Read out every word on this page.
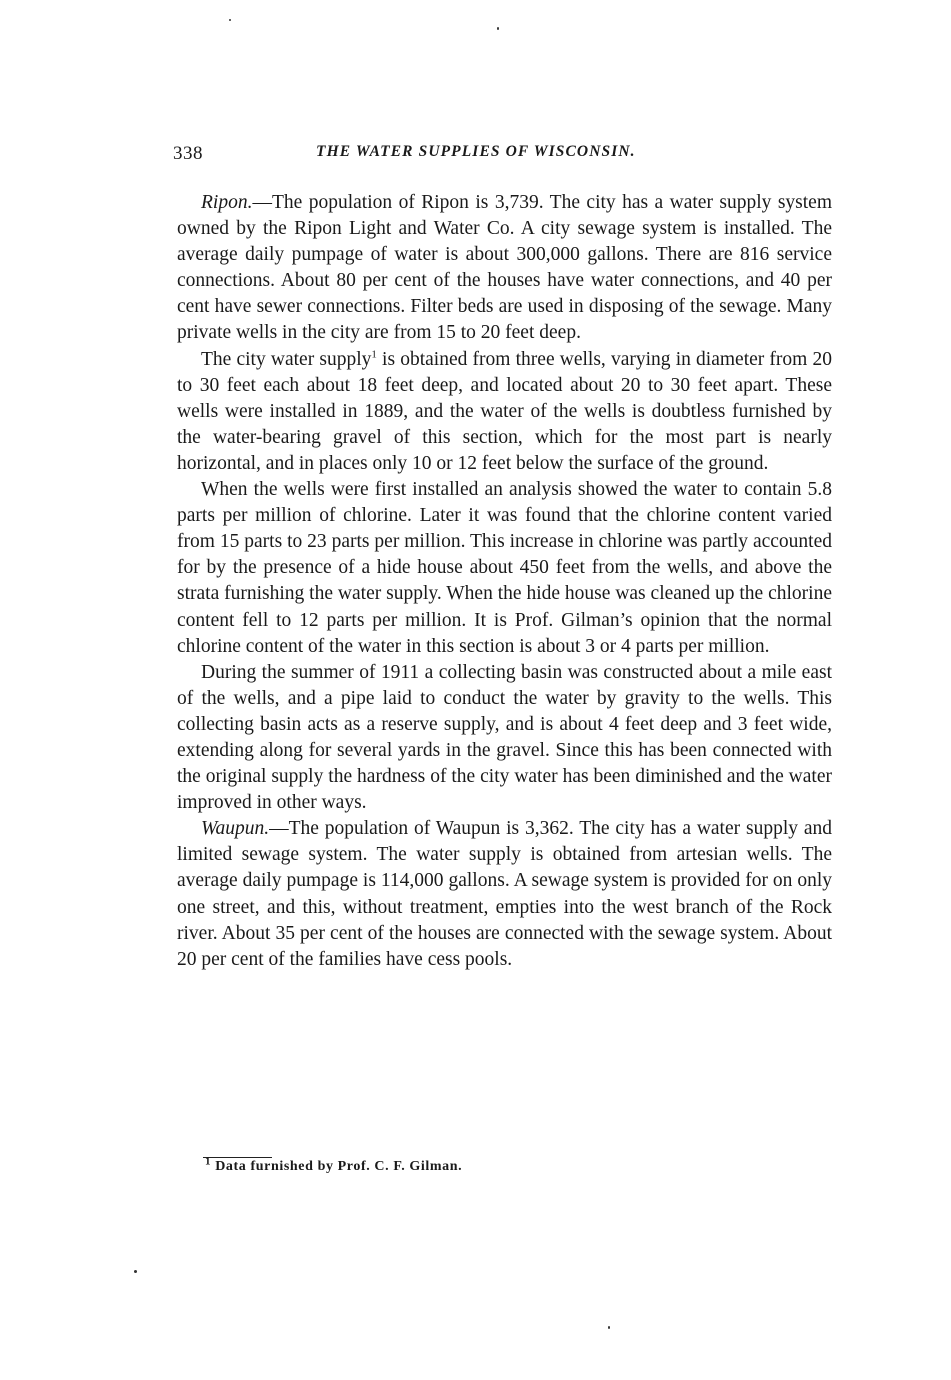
338	THE WATER SUPPLIES OF WISCONSIN.

Ripon.—The population of Ripon is 3,739. The city has a water supply system owned by the Ripon Light and Water Co. A city sewage system is installed. The average daily pumpage of water is about 300,000 gallons. There are 816 service connections. About 80 per cent of the houses have water connections, and 40 per cent have sewer connections. Filter beds are used in disposing of the sewage. Many private wells in the city are from 15 to 20 feet deep.

The city water supply$^1$ is obtained from three wells, varying in diameter from 20 to 30 feet each about 18 feet deep, and located about 20 to 30 feet apart. These wells were installed in 1889, and the water of the wells is doubtless furnished by the water-bearing gravel of this section, which for the most part is nearly horizontal, and in places only 10 or 12 feet below the surface of the ground.

When the wells were first installed an analysis showed the water to contain 5.8 parts per million of chlorine. Later it was found that the chlorine content varied from 15 parts to 23 parts per million. This increase in chlorine was partly accounted for by the presence of a hide house about 450 feet from the wells, and above the strata furnishing the water supply. When the hide house was cleaned up the chlorine content fell to 12 parts per million. It is Prof. Gilman’s opinion that the normal chlorine content of the water in this section is about 3 or 4 parts per million.

During the summer of 1911 a collecting basin was constructed about a mile east of the wells, and a pipe laid to conduct the water by gravity to the wells. This collecting basin acts as a reserve supply, and is about 4 feet deep and 3 feet wide, extending along for several yards in the gravel. Since this has been connected with the original supply the hardness of the city water has been diminished and the water improved in other ways.

Waupun.—The population of Waupun is 3,362. The city has a water supply and limited sewage system. The water supply is obtained from artesian wells. The average daily pumpage is 114,000 gallons. A sewage system is provided for on only one street, and this, without treatment, empties into the west branch of the Rock river. About 35 per cent of the houses are connected with the sewage system. About 20 per cent of the families have cess pools.

$^1$ Data furnished by Prof. C. F. Gilman.
